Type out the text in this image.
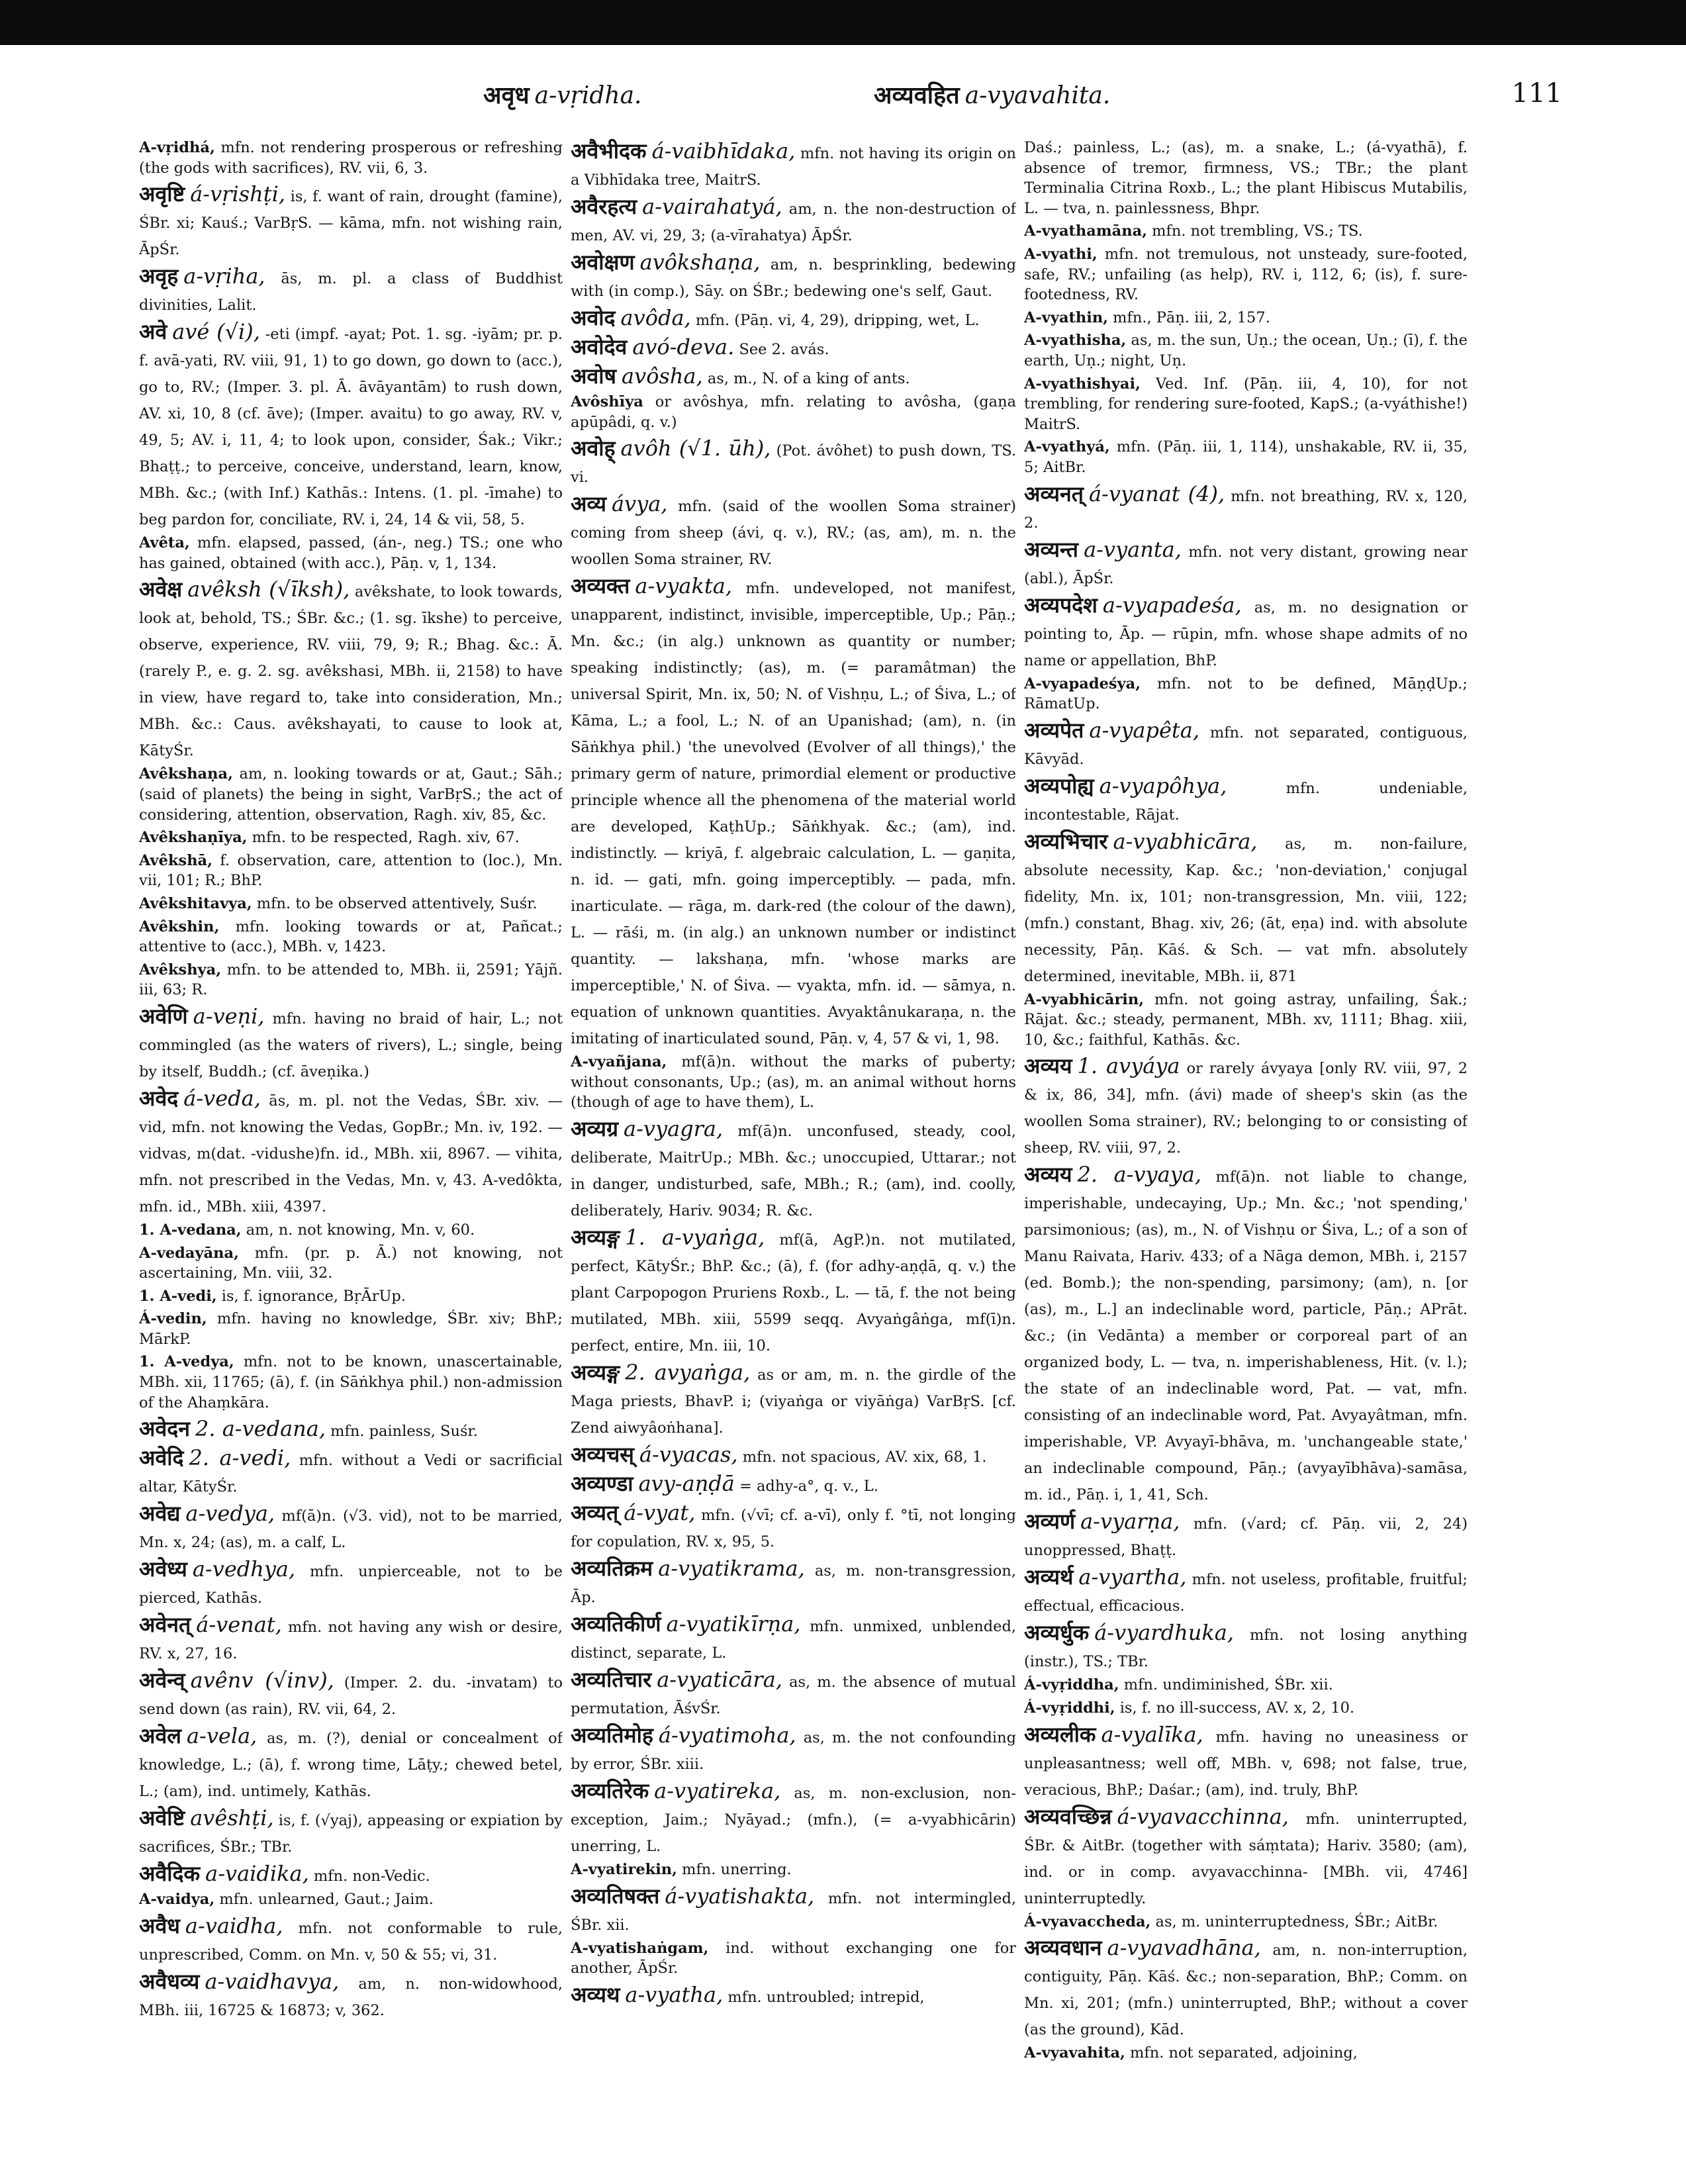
अवृध a-vṛidha.	अव्यवहित a-vyavahita.	111

A-vṛidhá, mfn. not rendering prosperous or refreshing (the gods with sacrifices), RV. vii, 6, 3.

अवृष्टि á-vṛishṭi, is, f. want of rain, drought (famine), ŚBr. xi; Kauś.; VarBṛS. — kāma, mfn. not wishing rain, ĀpŚr.

अवृह a-vṛiha, ās, m. pl. a class of Buddhist divinities, Lalit.

अवे avé (√i), -eti (impf. -ayat; Pot. 1. sg. -iyām; pr. p. f. avā-yati, RV. viii, 91, 1) to go down, go down to (acc.), go to, RV.; (Imper. 3. pl. Ā. āvāyantām) to rush down, AV. xi, 10, 8 (cf. āve); (Imper. avaitu) to go away, RV. v, 49, 5; AV. i, 11, 4; to look upon, consider, Śak.; Vikr.; Bhaṭṭ.; to perceive, conceive, understand, learn, know, MBh. &c.; (with Inf.) Kathās.: Intens. (1. pl. -īmahe) to beg pardon for, conciliate, RV. i, 24, 14 & vii, 58, 5.

Avêta, mfn. elapsed, passed, (án-, neg.) TS.; one who has gained, obtained (with acc.), Pāṇ. v, 1, 134.

अवेक्ष avêksh (√īksh), avêkshate, to look towards, look at, behold, TS.; ŚBr. &c.; (1. sg. īkshe) to perceive, observe, experience, RV. viii, 79, 9; R.; Bhag. &c.: Ā. (rarely P., e. g. 2. sg. avêkshasi, MBh. ii, 2158) to have in view, have regard to, take into consideration, Mn.; MBh. &c.: Caus. avêkshayati, to cause to look at, KātyŚr.

Avêkshaṇa, am, n. looking towards or at, Gaut.; Sāh.; (said of planets) the being in sight, VarBṛS.; the act of considering, attention, observation, Ragh. xiv, 85, &c.

Avêkshaṇīya, mfn. to be respected, Ragh. xiv, 67.

Avêkshā, f. observation, care, attention to (loc.), Mn. vii, 101; R.; BhP.

Avêkshitavya, mfn. to be observed attentively, Suśr.

Avêkshin, mfn. looking towards or at, Pañcat.; attentive to (acc.), MBh. v, 1423.

Avêkshya, mfn. to be attended to, MBh. ii, 2591; Yājñ. iii, 63; R.

अवेणि a-veṇi, mfn. having no braid of hair, L.; not commingled (as the waters of rivers), L.; single, being by itself, Buddh.; (cf. āveṇika.)

अवेद á-veda, ās, m. pl. not the Vedas, ŚBr. xiv. — vid, mfn. not knowing the Vedas, GopBr.; Mn. iv, 192. — vidvas, m(dat. -vidushe)fn. id., MBh. xii, 8967. — vihita, mfn. not prescribed in the Vedas, Mn. v, 43. A-vedôkta, mfn. id., MBh. xiii, 4397.

1. A-vedana, am, n. not knowing, Mn. v, 60.

A-vedayāna, mfn. (pr. p. Ā.) not knowing, not ascertaining, Mn. viii, 32.

1. A-vedi, is, f. ignorance, BṛĀrUp.

Á-vedin, mfn. having no knowledge, ŚBr. xiv; BhP.; MārkP.

1. A-vedya, mfn. not to be known, unascertainable, MBh. xii, 11765; (ā), f. (in Sāṅkhya phil.) non-admission of the Ahaṃkāra.

अवेदन 2. a-vedana, mfn. painless, Suśr.

अवेदि 2. a-vedi, mfn. without a Vedi or sacrificial altar, KātyŚr.

अवेद्य a-vedya, mf(ā)n. (√3. vid), not to be married, Mn. x, 24; (as), m. a calf, L.

अवेध्य a-vedhya, mfn. unpierceable, not to be pierced, Kathās.

अवेनत् á-venat, mfn. not having any wish or desire, RV. x, 27, 16.

अवेन्व् avênv (√inv), (Imper. 2. du. -invatam) to send down (as rain), RV. vii, 64, 2.

अवेल a-vela, as, m. (?), denial or concealment of knowledge, L.; (ā), f. wrong time, Lāṭy.; chewed betel, L.; (am), ind. untimely, Kathās.

अवेष्टि avêshṭi, is, f. (√yaj), appeasing or expiation by sacrifices, ŚBr.; TBr.

अवैदिक a-vaidika, mfn. non-Vedic.

A-vaidya, mfn. unlearned, Gaut.; Jaim.

अवैध a-vaidha, mfn. not conformable to rule, unprescribed, Comm. on Mn. v, 50 & 55; vi, 31.

अवैधव्य a-vaidhavya, am, n. non-widowhood, MBh. iii, 16725 & 16873; v, 362.

अवैभीदक á-vaibhīdaka, mfn. not having its origin on a Vibhīdaka tree, MaitrS.

अवैरहत्य a-vairahatyá, am, n. the non-destruction of men, AV. vi, 29, 3; (a-vīrahatya) ĀpŚr.

अवोक्षण avôkshaṇa, am, n. besprinkling, bedewing with (in comp.), Sāy. on ŚBr.; bedewing one's self, Gaut.

अवोद avôda, mfn. (Pāṇ. vi, 4, 29), dripping, wet, L.

अवोदेव avó-deva. See 2. avás.

अवोष avôsha, as, m., N. of a king of ants.

Avôshīya or avôshya, mfn. relating to avôsha, (gaṇa apūpâdi, q. v.)

अवोह् avôh (√1. ūh), (Pot. ávôhet) to push down, TS. vi.

अव्य ávya, mfn. (said of the woollen Soma strainer) coming from sheep (ávi, q. v.), RV.; (as, am), m. n. the woollen Soma strainer, RV.

अव्यक्त a-vyakta, mfn. undeveloped, not manifest, unapparent, indistinct, invisible, imperceptible, Up.; Pāṇ.; Mn. &c.; (in alg.) unknown as quantity or number; speaking indistinctly; (as), m. (= paramâtman) the universal Spirit, Mn. ix, 50; N. of Vishṇu, L.; of Śiva, L.; of Kāma, L.; a fool, L.; N. of an Upanishad; (am), n. (in Sāṅkhya phil.) 'the unevolved (Evolver of all things),' the primary germ of nature, primordial element or productive principle whence all the phenomena of the material world are developed, KaṭhUp.; Sāṅkhyak. &c.; (am), ind. indistinctly. — kriyā, f. algebraic calculation, L. — gaṇita, n. id. — gati, mfn. going imperceptibly. — pada, mfn. inarticulate. — rāga, m. dark-red (the colour of the dawn), L. — rāśi, m. (in alg.) an unknown number or indistinct quantity. — lakshaṇa, mfn. 'whose marks are imperceptible,' N. of Śiva. — vyakta, mfn. id. — sāmya, n. equation of unknown quantities. Avyaktânukaraṇa, n. the imitating of inarticulated sound, Pāṇ. v, 4, 57 & vi, 1, 98.

A-vyañjana, mf(ā)n. without the marks of puberty; without consonants, Up.; (as), m. an animal without horns (though of age to have them), L.

अव्यग्र a-vyagra, mf(ā)n. unconfused, steady, cool, deliberate, MaitrUp.; MBh. &c.; unoccupied, Uttarar.; not in danger, undisturbed, safe, MBh.; R.; (am), ind. coolly, deliberately, Hariv. 9034; R. &c.

अव्यङ्ग 1. a-vyaṅga, mf(ā, AgP.)n. not mutilated, perfect, KātyŚr.; BhP. &c.; (ā), f. (for adhy-aṇḍā, q. v.) the plant Carpopogon Pruriens Roxb., L. — tā, f. the not being mutilated, MBh. xiii, 5599 seqq. Avyaṅgâṅga, mf(ī)n. perfect, entire, Mn. iii, 10.

अव्यङ्ग 2. avyaṅga, as or am, m. n. the girdle of the Maga priests, BhavP. i; (viyaṅga or viyāṅga) VarBṛS. [cf. Zend aiwyâoṅhana].

अव्यचस् á-vyacas, mfn. not spacious, AV. xix, 68, 1.

अव्यण्डा avy-aṇḍā = adhy-a°, q. v., L.

अव्यत् á-vyat, mfn. (√vī; cf. a-vī), only f. °tī, not longing for copulation, RV. x, 95, 5.

अव्यतिक्रम a-vyatikrama, as, m. non-transgression, Āp.

अव्यतिकीर्ण a-vyatikīrṇa, mfn. unmixed, unblended, distinct, separate, L.

अव्यतिचार a-vyaticāra, as, m. the absence of mutual permutation, ĀśvŚr.

अव्यतिमोह á-vyatimoha, as, m. the not confounding by error, ŚBr. xiii.

अव्यतिरेक a-vyatireka, as, m. non-exclusion, non-exception, Jaim.; Nyāyad.; (mfn.), (= a-vyabhicārin) unerring, L.

A-vyatirekin, mfn. unerring.

अव्यतिषक्त á-vyatishakta, mfn. not intermingled, ŚBr. xii.

A-vyatishaṅgam, ind. without exchanging one for another, ĀpŚr.

अव्यथ a-vyatha, mfn. untroubled; intrepid,

Daś.; painless, L.; (as), m. a snake, L.; (á-vyathā), f. absence of tremor, firmness, VS.; TBr.; the plant Terminalia Citrina Roxb., L.; the plant Hibiscus Mutabilis, L. — tva, n. painlessness, Bhpr.

A-vyathamāna, mfn. not trembling, VS.; TS.

A-vyathi, mfn. not tremulous, not unsteady, sure-footed, safe, RV.; unfailing (as help), RV. i, 112, 6; (is), f. sure-footedness, RV.

A-vyathin, mfn., Pāṇ. iii, 2, 157.

A-vyathisha, as, m. the sun, Uṇ.; the ocean, Uṇ.; (ī), f. the earth, Uṇ.; night, Uṇ.

A-vyathishyai, Ved. Inf. (Pāṇ. iii, 4, 10), for not trembling, for rendering sure-footed, KapS.; (a-vyáthishe!) MaitrS.

A-vyathyá, mfn. (Pāṇ. iii, 1, 114), unshakable, RV. ii, 35, 5; AitBr.

अव्यनत् á-vyanat (4), mfn. not breathing, RV. x, 120, 2.

अव्यन्त a-vyanta, mfn. not very distant, growing near (abl.), ĀpŚr.

अव्यपदेश a-vyapadeśa, as, m. no designation or pointing to, Āp. — rūpin, mfn. whose shape admits of no name or appellation, BhP.

A-vyapadeśya, mfn. not to be defined, MāṇḍUp.; RāmatUp.

अव्यपेत a-vyapêta, mfn. not separated, contiguous, Kāvyād.

अव्यपोह्य a-vyapôhya, mfn. undeniable, incontestable, Rājat.

अव्यभिचार a-vyabhicāra, as, m. non-failure, absolute necessity, Kap. &c.; 'non-deviation,' conjugal fidelity, Mn. ix, 101; non-transgression, Mn. viii, 122; (mfn.) constant, Bhag. xiv, 26; (āt, eṇa) ind. with absolute necessity, Pāṇ. Kāś. & Sch. — vat mfn. absolutely determined, inevitable, MBh. ii, 871

A-vyabhicārin, mfn. not going astray, unfailing, Śak.; Rājat. &c.; steady, permanent, MBh. xv, 1111; Bhag. xiii, 10, &c.; faithful, Kathās. &c.

अव्यय 1. avyáya or rarely ávyaya [only RV. viii, 97, 2 & ix, 86, 34], mfn. (ávi) made of sheep's skin (as the woollen Soma strainer), RV.; belonging to or consisting of sheep, RV. viii, 97, 2.

अव्यय 2. a-vyaya, mf(ā)n. not liable to change, imperishable, undecaying, Up.; Mn. &c.; 'not spending,' parsimonious; (as), m., N. of Vishṇu or Śiva, L.; of a son of Manu Raivata, Hariv. 433; of a Nāga demon, MBh. i, 2157 (ed. Bomb.); the non-spending, parsimony; (am), n. [or (as), m., L.] an indeclinable word, particle, Pāṇ.; APrāt. &c.; (in Vedānta) a member or corporeal part of an organized body, L. — tva, n. imperishableness, Hit. (v. l.); the state of an indeclinable word, Pat. — vat, mfn. consisting of an indeclinable word, Pat. Avyayâtman, mfn. imperishable, VP. Avyayī-bhāva, m. 'unchangeable state,' an indeclinable compound, Pāṇ.; (avyayībhāva)-samāsa, m. id., Pāṇ. i, 1, 41, Sch.

अव्यर्ण a-vyarṇa, mfn. (√ard; cf. Pāṇ. vii, 2, 24) unoppressed, Bhaṭṭ.

अव्यर्थ a-vyartha, mfn. not useless, profitable, fruitful; effectual, efficacious.

अव्यर्धुक á-vyardhuka, mfn. not losing anything (instr.), TS.; TBr.

Á-vyṛiddha, mfn. undiminished, ŚBr. xii.

Á-vyṛiddhi, is, f. no ill-success, AV. x, 2, 10.

अव्यलीक a-vyalīka, mfn. having no uneasiness or unpleasantness; well off, MBh. v, 698; not false, true, veracious, BhP.; Daśar.; (am), ind. truly, BhP.

अव्यवच्छिन्न á-vyavacchinna, mfn. uninterrupted, ŚBr. & AitBr. (together with sáṃtata); Hariv. 3580; (am), ind. or in comp. avyavacchinna- [MBh. vii, 4746] uninterruptedly.

Á-vyavaccheda, as, m. uninterruptedness, ŚBr.; AitBr.

अव्यवधान a-vyavadhāna, am, n. non-interruption, contiguity, Pāṇ. Kāś. &c.; non-separation, BhP.; Comm. on Mn. xi, 201; (mfn.) uninterrupted, BhP.; without a cover (as the ground), Kād.

A-vyavahita, mfn. not separated, adjoining,
